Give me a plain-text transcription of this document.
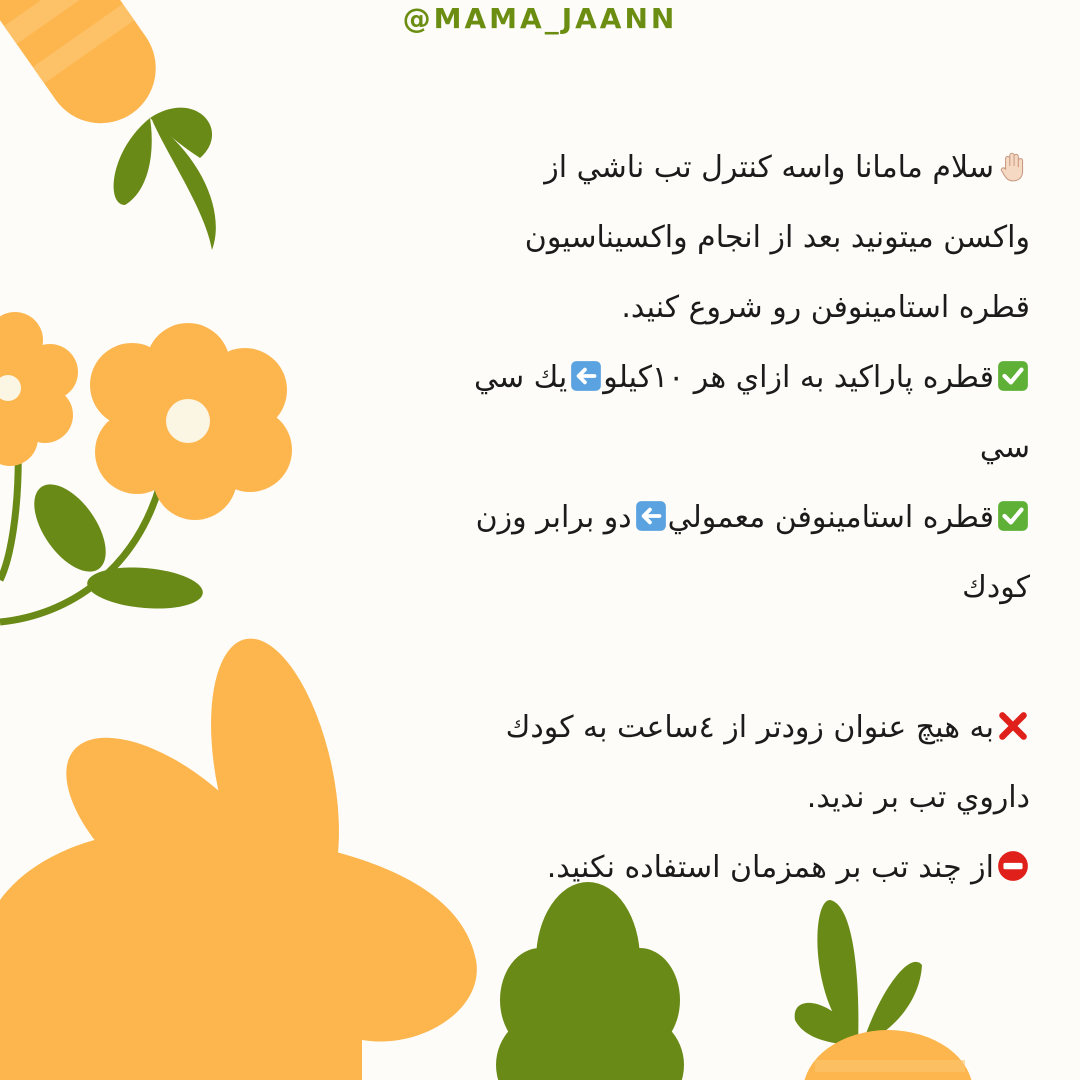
@MAMA_JAANN
سلام مامانا واسه کنترل تب ناشي از
واکسن ميتونيد بعد از انجام واکسيناسيون
قطره استامينوفن رو شروع کنيد.
قطره پاراکيد به ازاي هر ۱۰کيلو
يك سي سي
قطره استامينوفن معمولي
دو برابر وزن کودك
به هيچ عنوان زودتر از ٤ساعت به کودك داروي تب بر نديد.
از چند تب بر همزمان استفاده نکنيد.
